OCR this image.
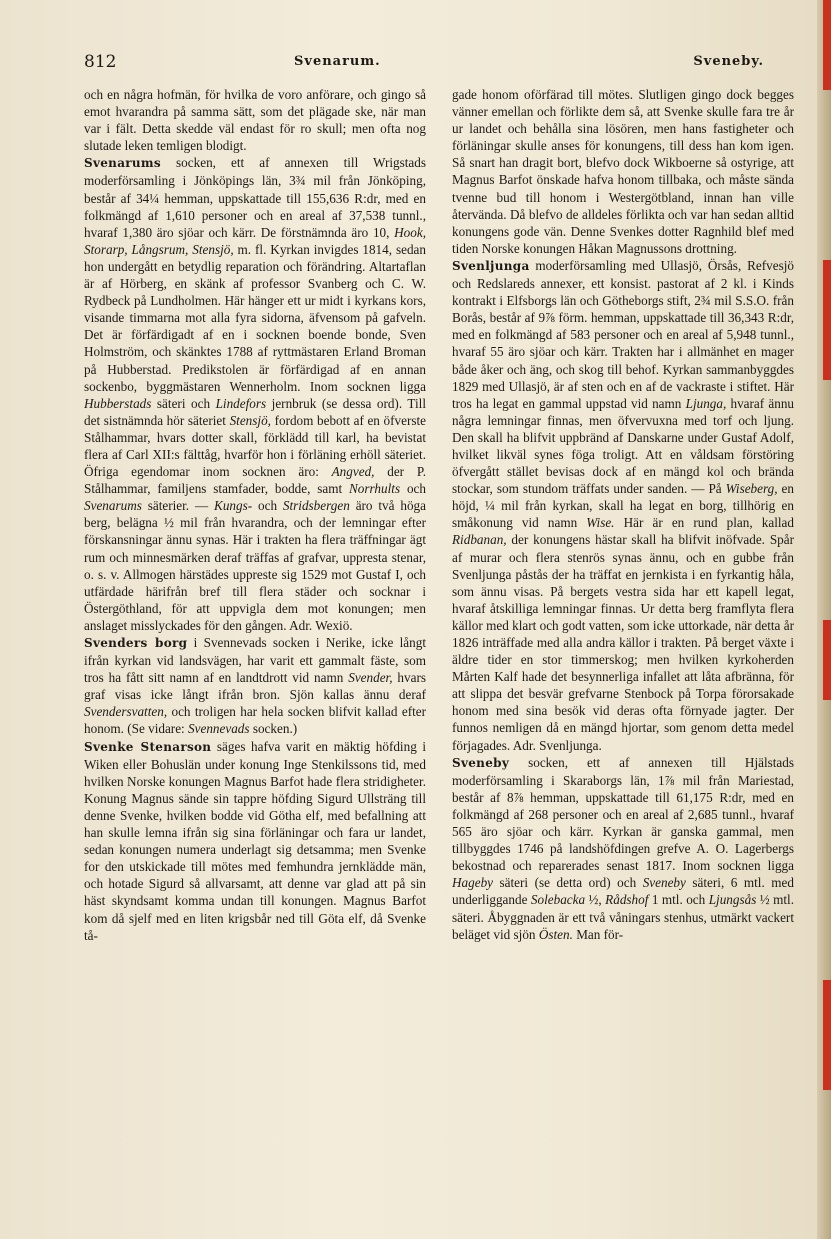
812	Svenarum.	Sveneby.

och en några hofmän, för hvilka de voro anförare, och gingo så emot hvarandra på samma sätt, som det plägade ske, när man var i fält. Detta skedde väl endast för ro skull; men ofta nog slutade leken temligen blodigt.

Svenarums socken, ett af annexen till Wrigstads moderförsamling i Jönköpings län, 3¾ mil från Jönköping, består af 34¼ hemman, uppskattade till 155,636 R:dr, med en folkmängd af 1,610 personer och en areal af 37,538 tunnl., hvaraf 1,380 äro sjöar och kärr. De förstnämnda äro 10, Hook, Storarp, Långsrum, Stensjö, m. fl. Kyrkan invigdes 1814, sedan hon undergått en betydlig reparation och förändring. Altartaflan är af Hörberg, en skänk af professor Svanberg och C. W. Rydbeck på Lundholmen. Här hänger ett ur midt i kyrkans kors, visande timmarna mot alla fyra sidorna, äfvensom på gafveln. Det är förfärdigadt af en i socknen boende bonde, Sven Holmström, och skänktes 1788 af ryttmästaren Erland Broman på Hubberstad. Predikstolen är förfärdigad af en annan sockenbo, byggmästaren Wennerholm. Inom socknen ligga Hubberstads säteri och Lindefors jernbruk (se dessa ord). Till det sistnämnda hör säteriet Stensjö, fordom bebott af en öfverste Stålhammar, hvars dotter skall, förklädd till karl, ha bevistat flera af Carl XII:s fälttåg, hvarför hon i förläning erhöll säteriet. Öfriga egendomar inom socknen äro: Angved, der P. Stålhammar, familjens stamfader, bodde, samt Norrhults och Svenarums säterier. — Kungs- och Stridsbergen äro två höga berg, belägna ½ mil från hvarandra, och der lemningar efter förskansningar ännu synas. Här i trakten ha flera träffningar ägt rum och minnesmärken deraf träffas af grafvar, uppresta stenar, o. s. v. Allmogen härstädes uppreste sig 1529 mot Gustaf I, och utfärdade härifrån bref till flera städer och socknar i Östergöthland, för att uppvigla dem mot konungen; men anslaget misslyckades för den gången. Adr. Wexiö.

Svenders borg i Svennevads socken i Nerike, icke långt ifrån kyrkan vid landsvägen, har varit ett gammalt fäste, som tros ha fått sitt namn af en landtdrott vid namn Svender, hvars graf visas icke långt ifrån bron. Sjön kallas ännu deraf Svendersvatten, och troligen har hela socken blifvit kallad efter honom. (Se vidare: Svennevads socken.)

Svenke Stenarson säges hafva varit en mäktig höfding i Wiken eller Bohuslän under konung Inge Stenkilssons tid, med hvilken Norske konungen Magnus Barfot hade flera stridigheter. Konung Magnus sände sin tappre höfding Sigurd Ullsträng till denne Svenke, hvilken bodde vid Götha elf, med befallning att han skulle lemna ifrån sig sina förläningar och fara ur landet, sedan konungen numera underlagt sig detsamma; men Svenke for den utskickade till mötes med femhundra jernklädde män, och hotade Sigurd så allvarsamt, att denne var glad att på sin häst skyndsamt komma undan till konungen. Magnus Barfot kom då sjelf med en liten krigsbår ned till Göta elf, då Svenke tå-

gade honom oförfärad till mötes. Slutligen gingo dock begges vänner emellan och förlikte dem så, att Svenke skulle fara tre år ur landet och behålla sina lösören, men hans fastigheter och förläningar skulle anses för konungens, till dess han kom igen. Så snart han dragit bort, blefvo dock Wikboerne så ostyrige, att Magnus Barfot önskade hafva honom tillbaka, och måste sända tvenne bud till honom i Westergötbland, innan han ville återvända. Då blefvo de alldeles förlikta och var han sedan alltid konungens gode vän. Denne Svenkes dotter Ragnhild blef med tiden Norske konungen Håkan Magnussons drottning.

Svenljunga moderförsamling med Ullasjö, Örsås, Refvesjö och Redslareds annexer, ett konsist. pastorat af 2 kl. i Kinds kontrakt i Elfsborgs län och Götheborgs stift, 2¾ mil S.S.O. från Borås, består af 9⅞ förm. hemman, uppskattade till 36,343 R:dr, med en folkmängd af 583 personer och en areal af 5,948 tunnl., hvaraf 55 äro sjöar och kärr. Trakten har i allmänhet en mager både åker och äng, och skog till behof. Kyrkan sammanbyggdes 1829 med Ullasjö, är af sten och en af de vackraste i stiftet. Här tros ha legat en gammal uppstad vid namn Ljunga, hvaraf ännu några lemningar finnas, men öfvervuxna med torf och ljung. Den skall ha blifvit uppbränd af Danskarne under Gustaf Adolf, hvilket likväl synes föga troligt. Att en våldsam förstöring öfvergått stället bevisas dock af en mängd kol och brända stockar, som stundom träffats under sanden. — På Wiseberg, en höjd, ¼ mil från kyrkan, skall ha legat en borg, tillhörig en småkonung vid namn Wise. Här är en rund plan, kallad Ridbanan, der konungens hästar skall ha blifvit inöfvade. Spår af murar och flera stenrös synas ännu, och en gubbe från Svenljunga påstås der ha träffat en jernkista i en fyrkantig håla, som ännu visas. På bergets vestra sida har ett kapell legat, hvaraf åtskilliga lemningar finnas. Ur detta berg framflyta flera källor med klart och godt vatten, som icke uttorkade, när detta år 1826 inträffade med alla andra källor i trakten. På berget växte i äldre tider en stor timmerskog; men hvilken kyrkoherden Mårten Kalf hade det besynnerliga infallet att låta afbränna, för att slippa det besvär grefvarne Stenbock på Torpa förorsakade honom med sina besök vid deras ofta förnyade jagter. Der funnos nemligen då en mängd hjortar, som genom detta medel förjagades. Adr. Svenljunga.

Sveneby socken, ett af annexen till Hjälstads moderförsamling i Skaraborgs län, 1⅞ mil från Mariestad, består af 8⅞ hemman, uppskattade till 61,175 R:dr, med en folkmängd af 268 personer och en areal af 2,685 tunnl., hvaraf 565 äro sjöar och kärr. Kyrkan är ganska gammal, men tillbyggdes 1746 på landshöfdingen grefve A. O. Lagerbergs bekostnad och reparerades senast 1817. Inom socknen ligga Hageby säteri (se detta ord) och Sveneby säteri, 6 mtl. med underliggande Solebacka ½, Rådshof 1 mtl. och Ljungsås ½ mtl. säteri. Åbyggnaden är ett två våningars stenhus, utmärkt vackert beläget vid sjön Östen. Man för-
